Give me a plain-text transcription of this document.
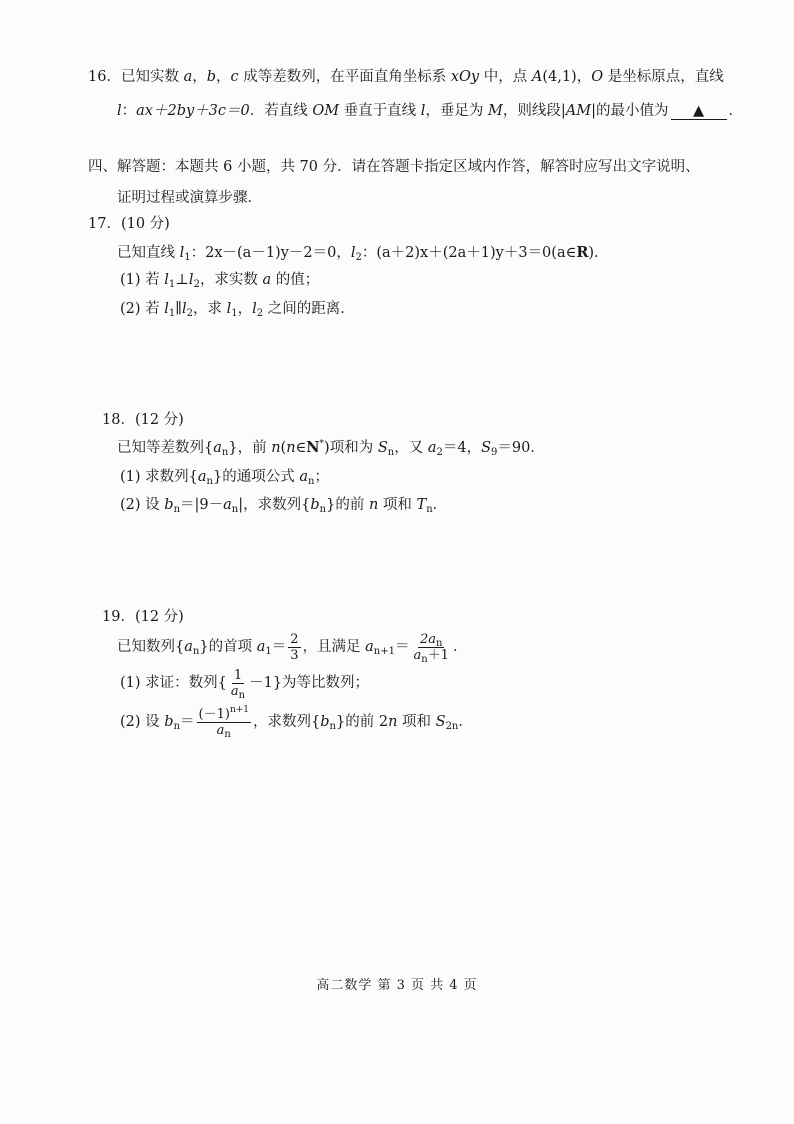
16．已知实数 a，b，c 成等差数列，在平面直角坐标系 xOy 中，点 A(4,1)，O 是坐标原点，直线
l：ax＋2by＋3c＝0．若直线 OM 垂直于直线 l，垂足为 M，则线段|AM|的最小值为 ▲ ．
四、解答题：本题共 6 小题，共 70 分．请在答题卡指定区域内作答，解答时应写出文字说明、
证明过程或演算步骤．
17．(10 分)
已知直线 $l_1$：2x－(a－1)y－2＝0，$l_2$：(a＋2)x＋(2a＋1)y＋3＝0(a∈R)．
(1) 若 $l_1\perp l_2$，求实数 a 的值；
(2) 若 $l_1\parallel l_2$，求 $l_1$，$l_2$ 之间的距离．
18．(12 分)
已知等差数列$\{a_n\}$，前 n(n∈N*)项和为 $S_n$，又 $a_2=4$，$S_9=90$．
(1) 求数列$\{a_n\}$的通项公式 $a_n$；
(2) 设 $b_n=|9-a_n|$，求数列$\{b_n\}$的前 n 项和 $T_n$．
19．(12 分)
已知数列$\{a_n\}$的首项 $a_1= \frac{2}{3}$ ，且满足 $a_{n+1}= \frac{2a_n}{a_n+1}$ ．
(1) 求证：数列{ $\frac{1}{a_n} -1$}为等比数列；
(2) 设 $b_n= \frac{(-1)^{n+1}}{a_n}$ ，求数列$\{b_n\}$的前 2n 项和 $S_{2n}$．
高二数学 第 3 页 共 4 页
